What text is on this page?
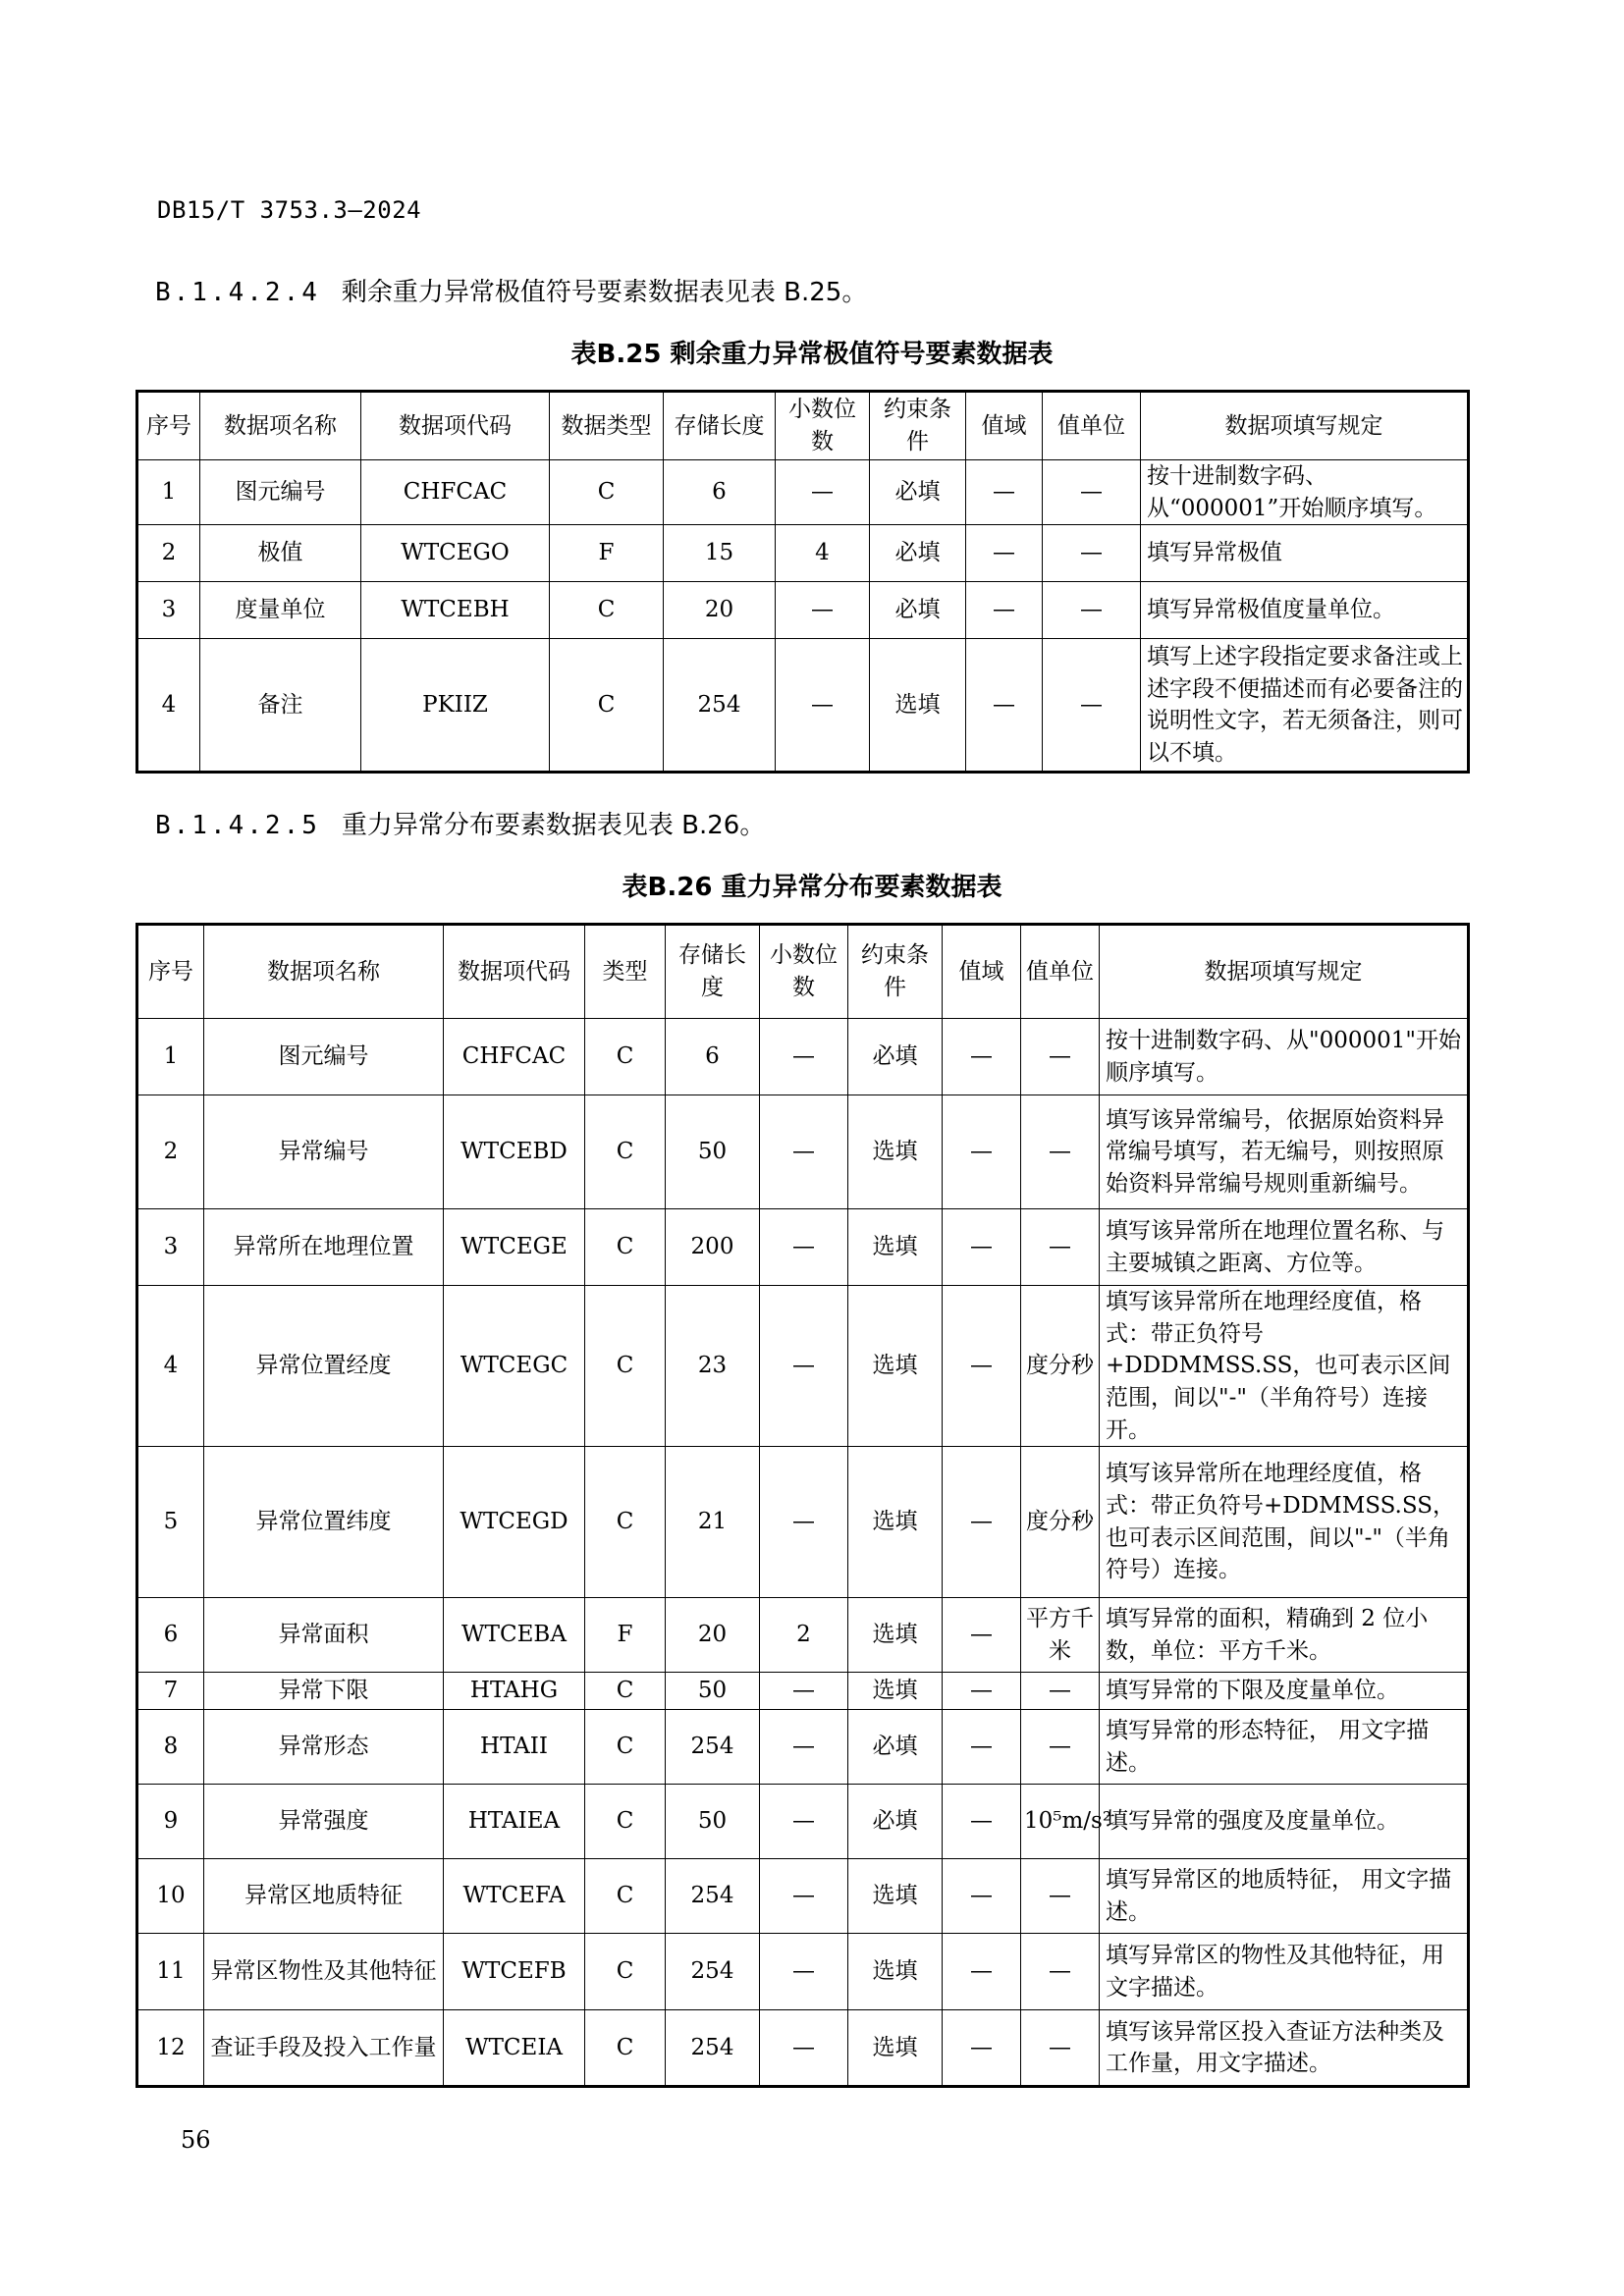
DB15/T 3753.3—2024
B.1.4.2.4 剩余重力异常极值符号要素数据表见表 B.25。
表B.25 剩余重力异常极值符号要素数据表
序号	数据项名称	数据项代码	数据类型	存储长度	小数位数	约束条件	值域	值单位	数据项填写规定
1	图元编号	CHFCAC	C	6	—	必填	—	—	按十进制数字码、从“000001”开始顺序填写。
2	极值	WTCEGO	F	15	4	必填	—	—	填写异常极值
3	度量单位	WTCEBH	C	20	—	必填	—	—	填写异常极值度量单位。
4	备注	PKIIZ	C	254	—	选填	—	—	填写上述字段指定要求备注或上述字段不便描述而有必要备注的说明性文字，若无须备注，则可以不填。
B.1.4.2.5 重力异常分布要素数据表见表 B.26。
表B.26 重力异常分布要素数据表
序号	数据项名称	数据项代码	类型	存储长度	小数位数	约束条件	值域	值单位	数据项填写规定
1	图元编号	CHFCAC	C	6	—	必填	—	—	按十进制数字码、从"000001"开始顺序填写。
2	异常编号	WTCEBD	C	50	—	选填	—	—	填写该异常编号，依据原始资料异常编号填写，若无编号，则按照原始资料异常编号规则重新编号。
3	异常所在地理位置	WTCEGE	C	200	—	选填	—	—	填写该异常所在地理位置名称、与主要城镇之距离、方位等。
4	异常位置经度	WTCEGC	C	23	—	选填	—	度分秒	填写该异常所在地理经度值，格式：带正负符号+DDDMMSS.SS，也可表示区间范围，间以"-"（半角符号）连接开。
5	异常位置纬度	WTCEGD	C	21	—	选填	—	度分秒	填写该异常所在地理经度值，格式：带正负符号+DDMMSS.SS，也可表示区间范围，间以"-"（半角符号）连接。
6	异常面积	WTCEBA	F	20	2	选填	—	平方千米	填写异常的面积，精确到 2 位小数，单位：平方千米。
7	异常下限	HTAHG	C	50	—	选填	—	—	填写异常的下限及度量单位。
8	异常形态	HTAII	C	254	—	必填	—	—	填写异常的形态特征， 用文字描述。
9	异常强度	HTAIEA	C	50	—	必填	—	10⁵m/s²	填写异常的强度及度量单位。
10	异常区地质特征	WTCEFA	C	254	—	选填	—	—	填写异常区的地质特征， 用文字描述。
11	异常区物性及其他特征	WTCEFB	C	254	—	选填	—	—	填写异常区的物性及其他特征，用文字描述。
12	查证手段及投入工作量	WTCEIA	C	254	—	选填	—	—	填写该异常区投入查证方法种类及工作量，用文字描述。
56
